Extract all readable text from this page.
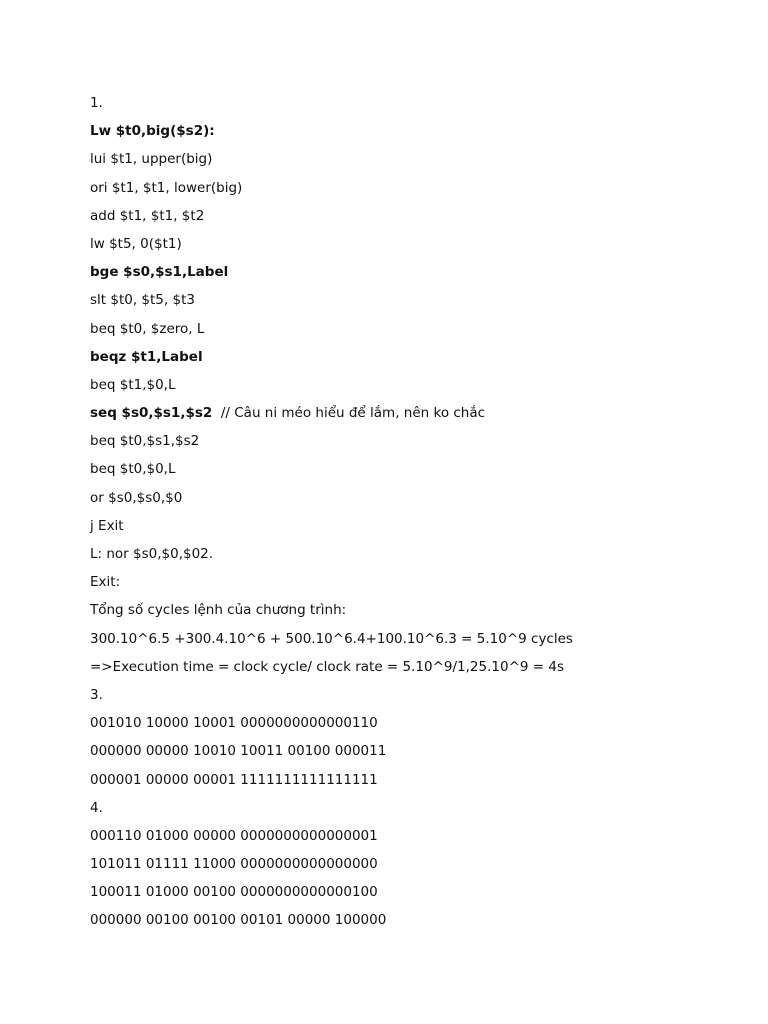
1.
Lw $t0,big($s2):
lui $t1, upper(big)
ori $t1, $t1, lower(big)
add $t1, $t1, $t2
lw $t5, 0($t1)
bge $s0,$s1,Label
slt $t0, $t5, $t3
beq $t0, $zero, L
beqz $t1,Label
beq $t1,$0,L
seq $s0,$s1,$s2  // Câu ni méo hiểu để lắm, nên ko chắc
beq $t0,$s1,$s2
beq $t0,$0,L
or $s0,$s0,$0
j Exit
L: nor $s0,$0,$02.
Exit:
Tổng số cycles lệnh của chương trình:
300.10^6.5 +300.4.10^6 + 500.10^6.4+100.10^6.3 = 5.10^9 cycles
=>Execution time = clock cycle/ clock rate = 5.10^9/1,25.10^9 = 4s
3.
001010 10000 10001 0000000000000110
000000 00000 10010 10011 00100 000011
000001 00000 00001 1111111111111111
4.
000110 01000 00000 0000000000000001
101011 01111 11000 0000000000000000
100011 01000 00100 0000000000000100
000000 00100 00100 00101 00000 100000
